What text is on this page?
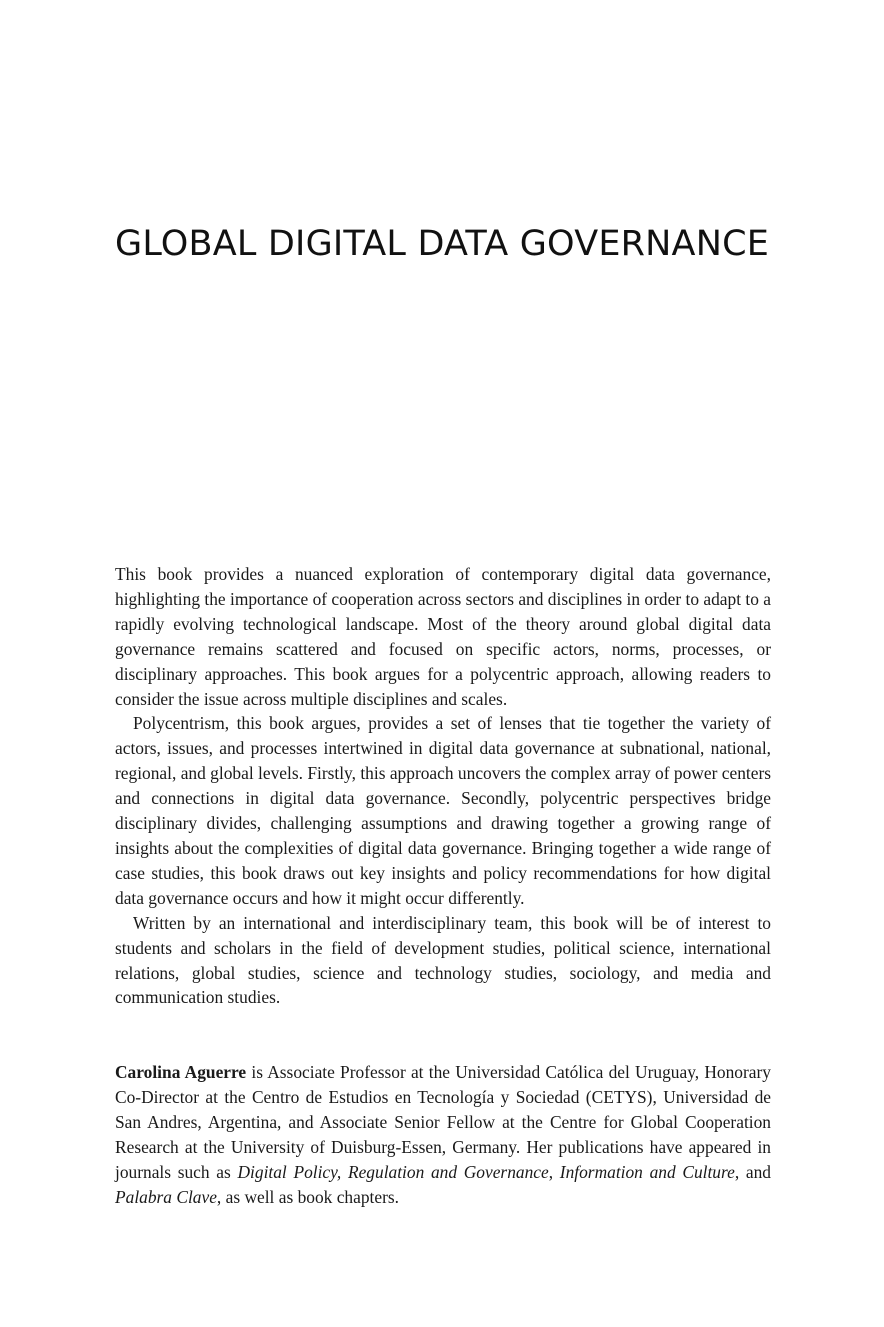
GLOBAL DIGITAL DATA GOVERNANCE

This book provides a nuanced exploration of contemporary digital data governance, highlighting the importance of cooperation across sectors and disciplines in order to adapt to a rapidly evolving technological landscape. Most of the theory around global digital data governance remains scattered and focused on specific actors, norms, processes, or disciplinary approaches. This book argues for a polycentric approach, allowing readers to consider the issue across multiple disciplines and scales.

Polycentrism, this book argues, provides a set of lenses that tie together the variety of actors, issues, and processes intertwined in digital data governance at subnational, national, regional, and global levels. Firstly, this approach uncovers the complex array of power centers and connections in digital data governance. Secondly, polycentric perspectives bridge disciplinary divides, challenging assumptions and drawing together a growing range of insights about the complexities of digital data governance. Bringing together a wide range of case studies, this book draws out key insights and policy recommendations for how digital data governance occurs and how it might occur differently.

Written by an international and interdisciplinary team, this book will be of interest to students and scholars in the field of development studies, political science, international relations, global studies, science and technology studies, sociology, and media and communication studies.

Carolina Aguerre is Associate Professor at the Universidad Católica del Uruguay, Honorary Co-Director at the Centro de Estudios en Tecnología y Sociedad (CETYS), Universidad de San Andres, Argentina, and Associate Senior Fellow at the Centre for Global Cooperation Research at the University of Duisburg-Essen, Germany. Her publications have appeared in journals such as Digital Policy, Regulation and Governance, Information and Culture, and Palabra Clave, as well as book chapters.
